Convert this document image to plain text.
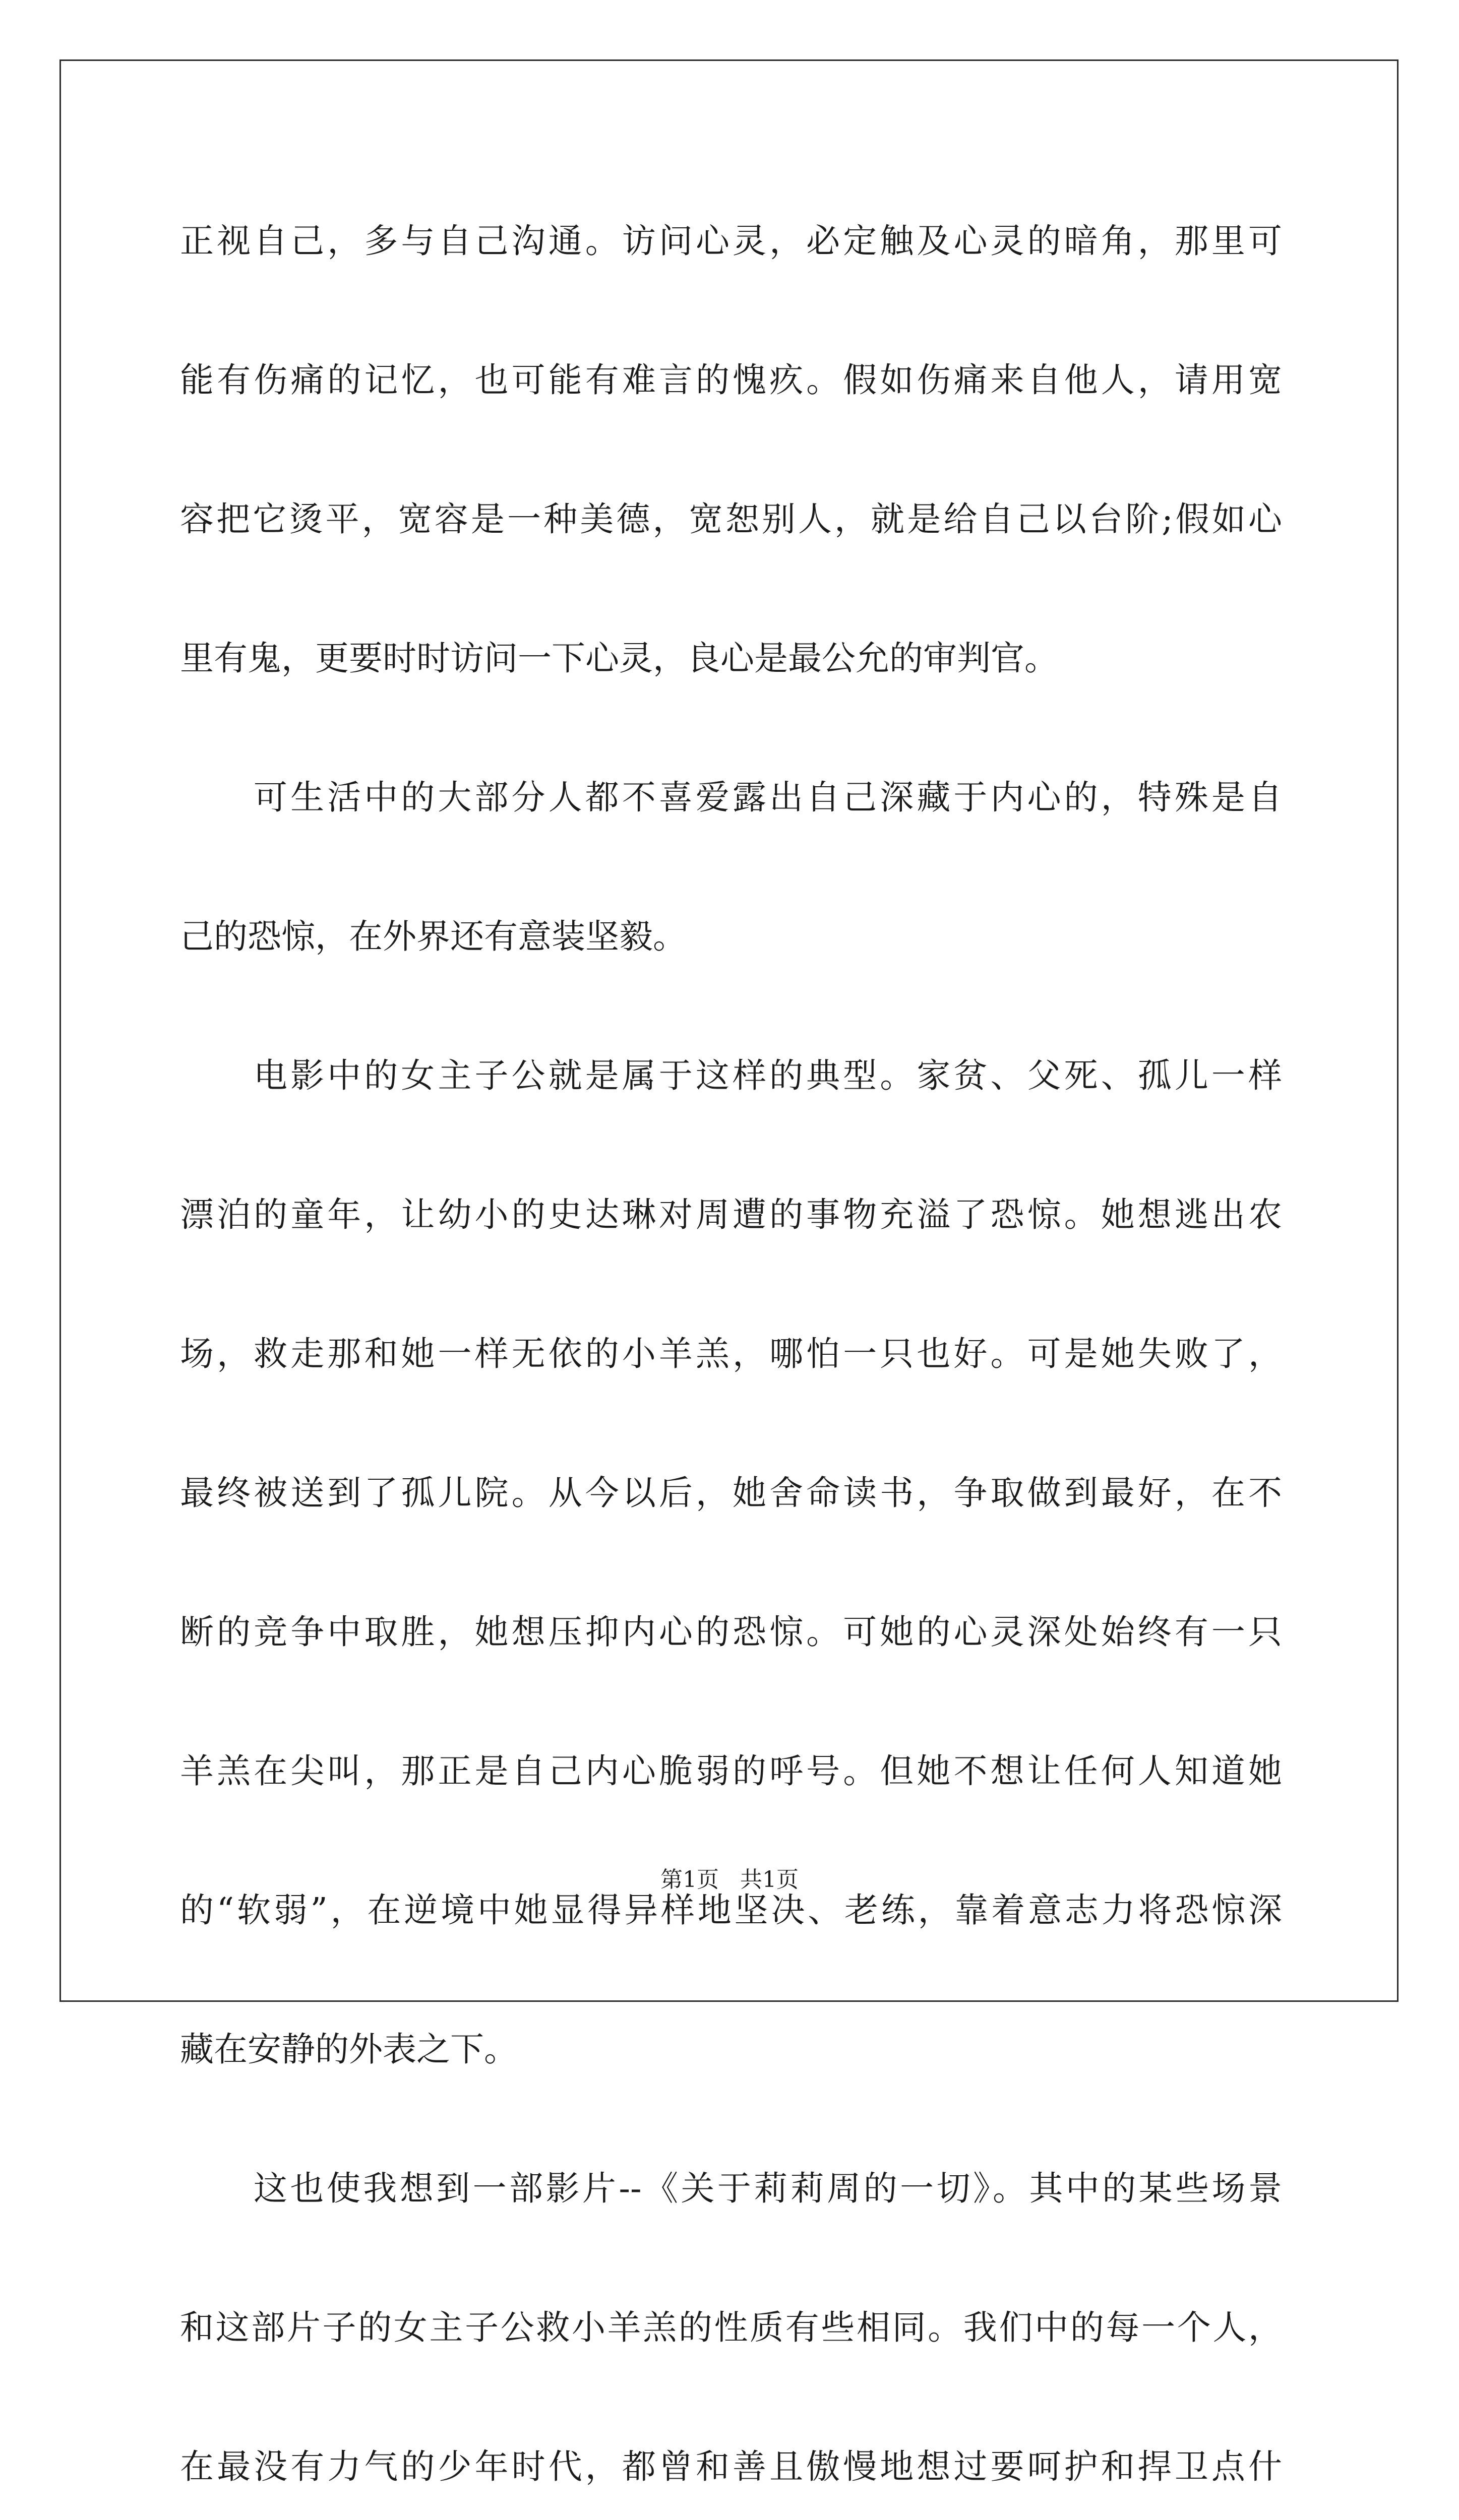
正视自己，多与自己沟通。访问心灵，必定触及心灵的暗角，那里可
能有伤痛的记忆，也可能有难言的愧疚。假如伤痛来自他人，请用宽
容把它烫平，宽容是一种美德，宽恕别人，就是给自己以台阶;假如心
里有鬼，更要时时访问一下心灵，良心是最公允的审判官。
可生活中的大部分人都不喜爱露出自己深藏于内心的，特殊是自
己的恐惊，在外界还有意装坚毅。
电影中的女主子公就是属于这样的典型。家贫、父死、孤儿一样
漂泊的童年，让幼小的史达琳对周遭的事物充溢了恐惊。她想逃出农
场，救走那和她一样无依的小羊羔，哪怕一只也好。可是她失败了，
最终被送到了孤儿院。从今以后，她舍命读书，争取做到最好，在不
断的竞争中取胜，她想压抑内心的恐惊。可她的心灵深处始终有一只
羊羔在尖叫，那正是自己内心脆弱的呼号。但她不想让任何人知道她
的“软弱”，在逆境中她显得异样地坚决、老练，靠着意志力将恐惊深
藏在安静的外表之下。
这也使我想到一部影片--《关于莉莉周的一切》。其中的某些场景
和这部片子的女主子公救小羊羔的性质有些相同。我们中的每一个人，
在最没有力气的少年时代，都曾和善且傲慢地想过要呵护和捍卫点什
第1页 共1页
